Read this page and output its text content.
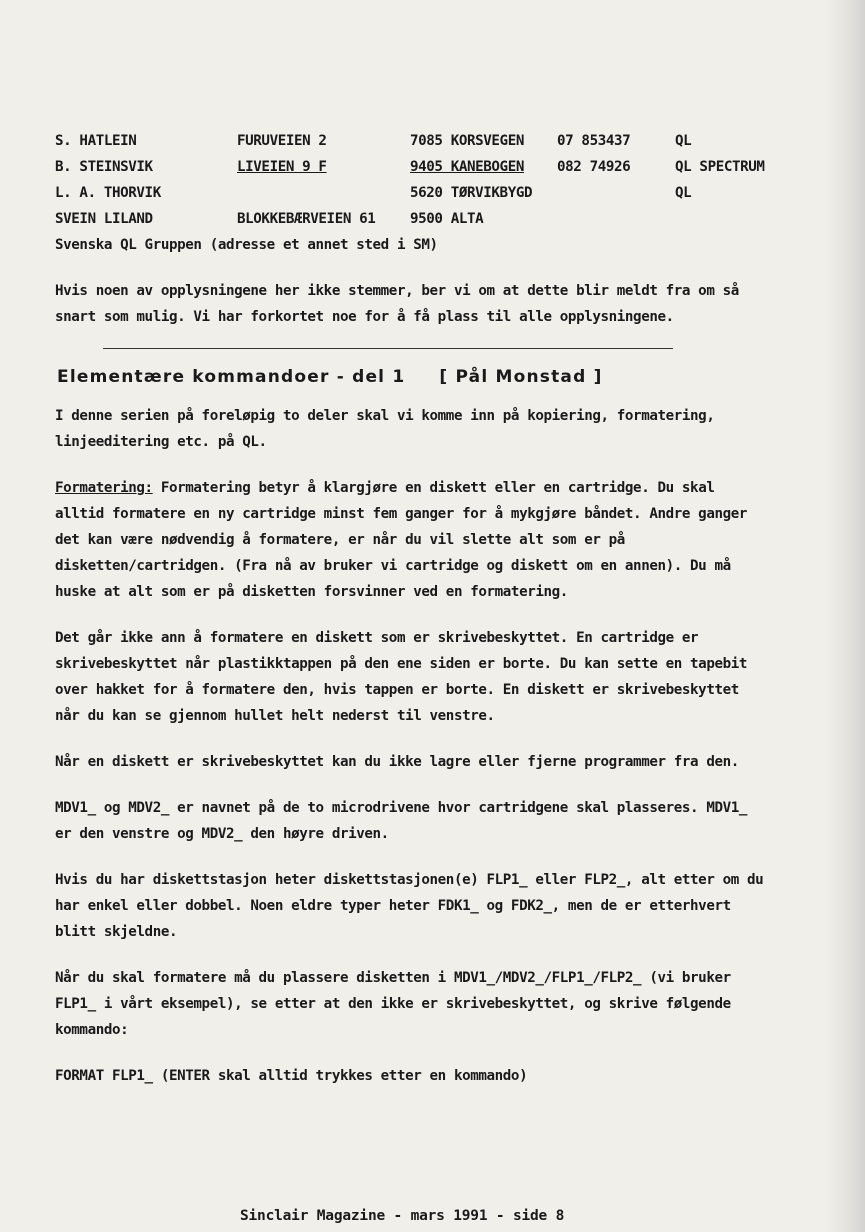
S. HATLEIN	FURUVEIEN 2	7085 KORSVEGEN	07 853437	QL
B. STEINSVIK	LIVEIEN 9 F	9405 KANEBOGEN	082 74926	QL SPECTRUM
L. A. THORVIK		5620 TØRVIKBYGD		QL
SVEIN LILAND	BLOKKEBÆRVEIEN 61	9500 ALTA		
Svenska QL Gruppen (adresse et annet sted i SM)

Hvis noen av opplysningene her ikke stemmer, ber vi om at dette blir meldt fra om så snart som mulig. Vi har forkortet noe for å få plass til alle opplysningene.

Elementære kommandoer - del 1 [ Pål Monstad ]

I denne serien på foreløpig to deler skal vi komme inn på kopiering, formatering, linjeeditering etc. på QL.

Formatering: Formatering betyr å klargjøre en diskett eller en cartridge. Du skal alltid formatere en ny cartridge minst fem ganger for å mykgjøre båndet. Andre ganger det kan være nødvendig å formatere, er når du vil slette alt som er på disketten/cartridgen. (Fra nå av bruker vi cartridge og diskett om en annen). Du må huske at alt som er på disketten forsvinner ved en formatering.

Det går ikke ann å formatere en diskett som er skrivebeskyttet. En cartridge er skrivebeskyttet når plastikktappen på den ene siden er borte. Du kan sette en tapebit over hakket for å formatere den, hvis tappen er borte. En diskett er skrivebeskyttet når du kan se gjennom hullet helt nederst til venstre.

Når en diskett er skrivebeskyttet kan du ikke lagre eller fjerne programmer fra den.

MDV1_ og MDV2_ er navnet på de to microdrivene hvor cartridgene skal plasseres. MDV1_ er den venstre og MDV2_ den høyre driven.

Hvis du har diskettstasjon heter diskettstasjonen(e) FLP1_ eller FLP2_, alt etter om du har enkel eller dobbel. Noen eldre typer heter FDK1_ og FDK2_, men de er etterhvert blitt skjeldne.

Når du skal formatere må du plassere disketten i MDV1_/MDV2_/FLP1_/FLP2_ (vi bruker FLP1_ i vårt eksempel), se etter at den ikke er skrivebeskyttet, og skrive følgende kommando:

FORMAT FLP1_ (ENTER skal alltid trykkes etter en kommando)
Sinclair Magazine - mars 1991 - side 8
